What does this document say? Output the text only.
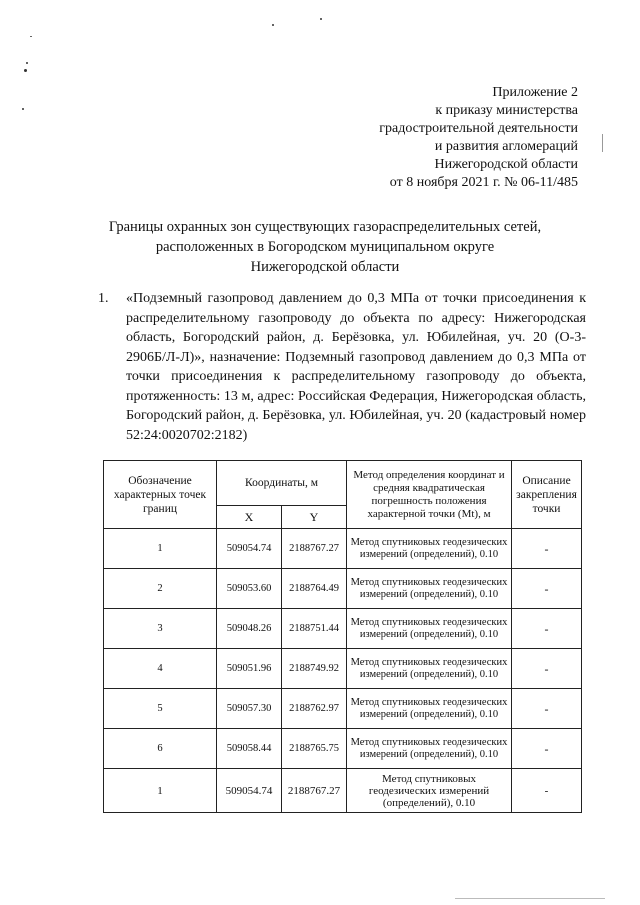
Приложение 2
к приказу министерства
градостроительной деятельности
и развития агломераций
Нижегородской области
от 8 ноября 2021 г. № 06-11/485
Границы охранных зон существующих газораспределительных сетей,
расположенных в Богородском муниципальном округе
Нижегородской области
1. «Подземный газопровод давлением до 0,3 МПа от точки присоединения к распределительному газопроводу до объекта по адресу: Нижегородская область, Богородский район, д. Берёзовка, ул. Юбилейная, уч. 20 (О-3-2906Б/Л-Л)», назначение: Подземный газопровод давлением до 0,3 МПа от точки присоединения к распределительному газопроводу до объекта, протяженность: 13 м, адрес: Российская Федерация, Нижегородская область, Богородский район, д. Берёзовка, ул. Юбилейная, уч. 20 (кадастровый номер 52:24:0020702:2182)
Обозначение характерных точек границ	Координаты, м		Метод определения координат и средняя квадратическая погрешность положения характерной точки (Mt), м	Описание закрепления точки
	X	Y		
1	509054.74	2188767.27	Метод спутниковых геодезических измерений (определений), 0.10	-
2	509053.60	2188764.49	Метод спутниковых геодезических измерений (определений), 0.10	-
3	509048.26	2188751.44	Метод спутниковых геодезических измерений (определений), 0.10	-
4	509051.96	2188749.92	Метод спутниковых геодезических измерений (определений), 0.10	-
5	509057.30	2188762.97	Метод спутниковых геодезических измерений (определений), 0.10	-
6	509058.44	2188765.75	Метод спутниковых геодезических измерений (определений), 0.10	-
1	509054.74	2188767.27	Метод спутниковых геодезических измерений (определений), 0.10	-
